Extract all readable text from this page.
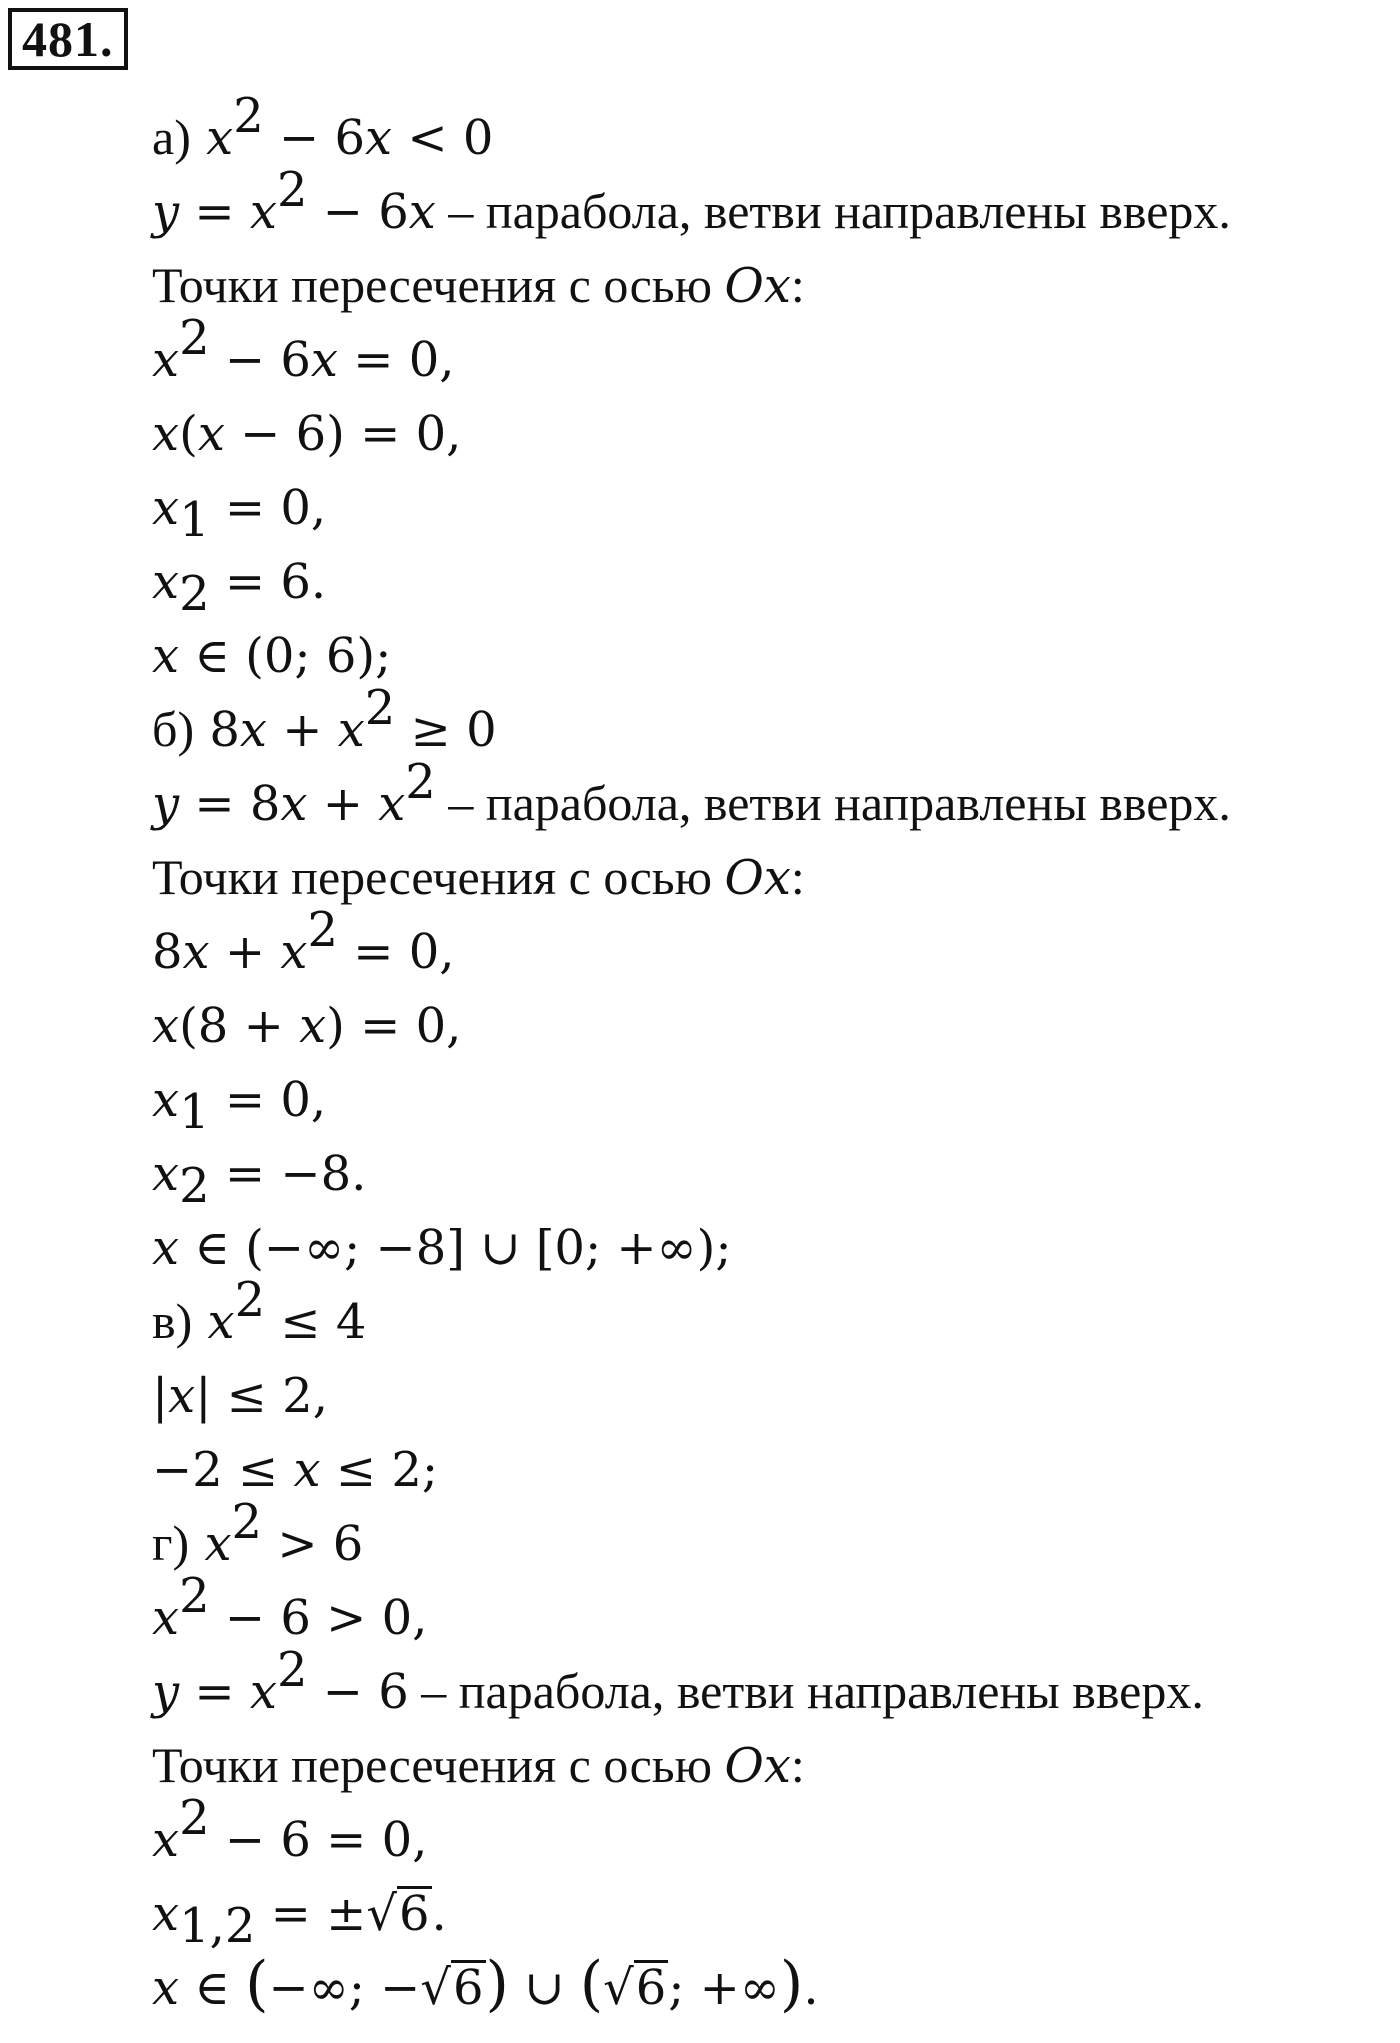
481.
а) $x^2 - 6x < 0$
$y = x^2 - 6x$ – парабола, ветви направлены вверх.
Точки пересечения с осью Ox:
$x^2 - 6x = 0$,
x(x − 6) = 0,
$x_1 = 0$,
$x_2 = 6$.
x ∈ (0; 6);
б) $8x + x^2 \ge 0$
$y = 8x + x^2$ – парабола, ветви направлены вверх.
Точки пересечения с осью Ox:
$8x + x^2 = 0$,
x(8 + x) = 0,
$x_1 = 0$,
$x_2 = -8$.
x ∈ (−∞; −8] ∪ [0; +∞);
в) $x^2 \le 4$
|x| ≤ 2,
−2 ≤ x ≤ 2;
г) $x^2 > 6$
$x^2 - 6 > 0$,
$y = x^2 - 6$ – парабола, ветви направлены вверх.
Точки пересечения с осью Ox:
$x^2 - 6 = 0$,
$x_{1,2} = \pm√6$.
x ∈ (−∞; −√6) ∪ (√6; +∞).
